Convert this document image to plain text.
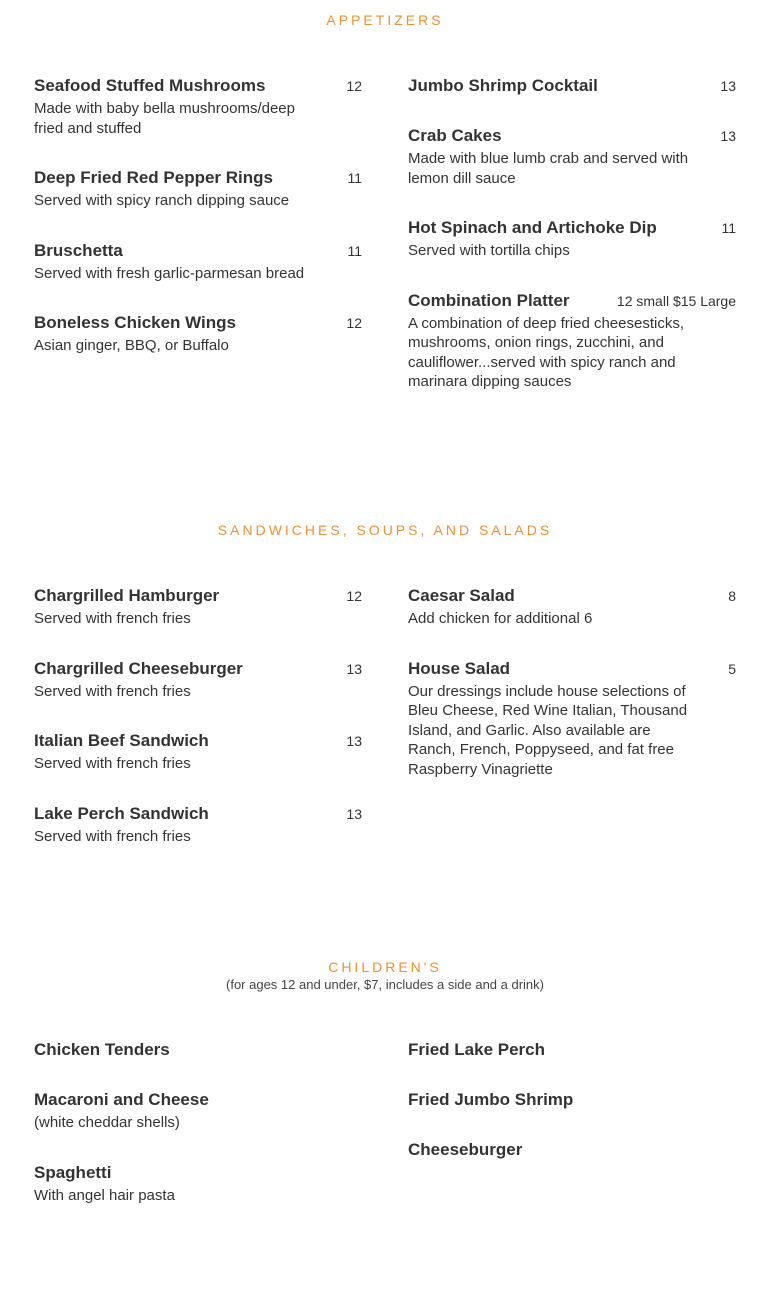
APPETIZERS
Seafood Stuffed Mushrooms	12
Made with baby bella mushrooms/deep fried and stuffed
Deep Fried Red Pepper Rings	11
Served with spicy ranch dipping sauce
Bruschetta	11
Served with fresh garlic-parmesan bread
Boneless Chicken Wings	12
Asian ginger, BBQ, or Buffalo
Jumbo Shrimp Cocktail	13
Crab Cakes	13
Made with blue lumb crab and served with lemon dill sauce
Hot Spinach and Artichoke Dip	11
Served with tortilla chips
Combination Platter	12 small $15 Large
A combination of deep fried cheesesticks, mushrooms, onion rings, zucchini, and cauliflower...served with spicy ranch and marinara dipping sauces
SANDWICHES, SOUPS, AND SALADS
Chargrilled Hamburger	12
Served with french fries
Chargrilled Cheeseburger	13
Served with french fries
Italian Beef Sandwich	13
Served with french fries
Lake Perch Sandwich	13
Served with french fries
Caesar Salad	8
Add chicken for additional 6
House Salad	5
Our dressings include house selections of Bleu Cheese, Red Wine Italian, Thousand Island, and Garlic. Also available are Ranch, French, Poppyseed, and fat free Raspberry Vinagriette
CHILDREN'S

(for ages 12 and under, $7, includes a side and a drink)

Chicken Tenders
Macaroni and Cheese
(white cheddar shells)
Spaghetti
With angel hair pasta
Fried Lake Perch
Fried Jumbo Shrimp
Cheeseburger
